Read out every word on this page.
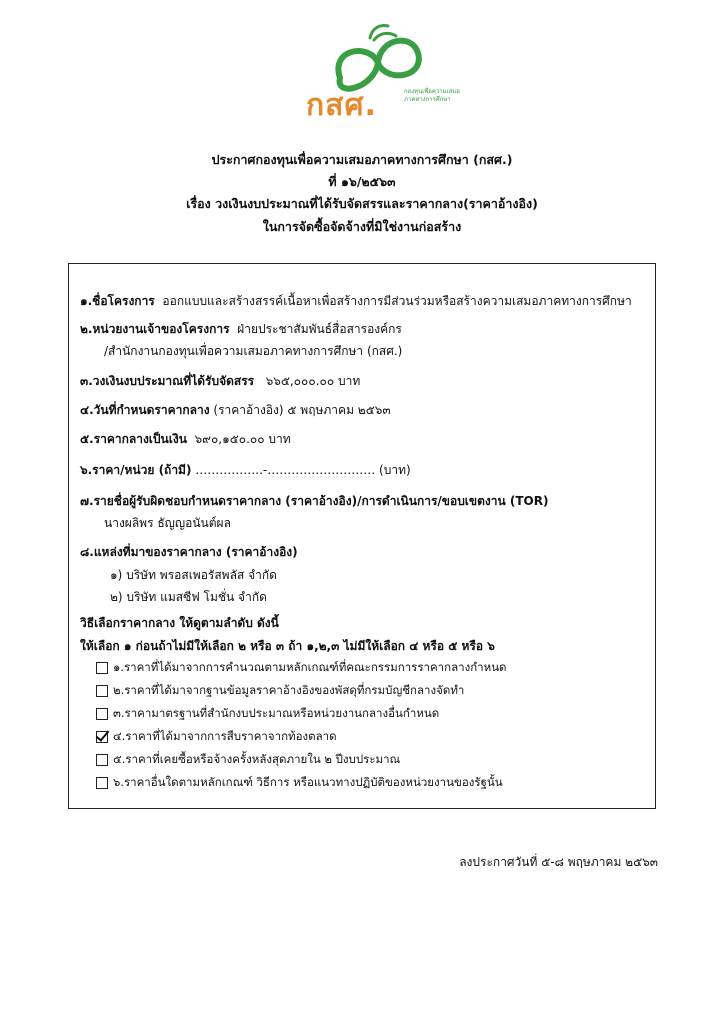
กสศ.	กองทุนเพื่อความเสมอภาคทางการศึกษา
ประกาศกองทุนเพื่อความเสมอภาคทางการศึกษา (กสศ.)
ที่ ๑๖/๒๕๖๓
เรื่อง วงเงินงบประมาณที่ได้รับจัดสรรและราคากลาง(ราคาอ้างอิง)
ในการจัดซื้อจัดจ้างที่มิใช่งานก่อสร้าง
๑.ชื่อโครงการ ออกแบบและสร้างสรรค์เนื้อหาเพื่อสร้างการมีส่วนร่วมหรือสร้างความเสมอภาคทางการศึกษา
๒.หน่วยงานเจ้าของโครงการ ฝ่ายประชาสัมพันธ์สื่อสารองค์กร
/สำนักงานกองทุนเพื่อความเสมอภาคทางการศึกษา (กสศ.)
๓.วงเงินงบประมาณที่ได้รับจัดสรร ๖๖๕,๐๐๐.๐๐ บาท
๔.วันที่กำหนดราคากลาง (ราคาอ้างอิง) ๕ พฤษภาคม ๒๕๖๓
๕.ราคากลางเป็นเงิน ๖๙๐,๑๕๐.๐๐ บาท
๖.ราคา/หน่วย (ถ้ามี) ……………..-……………………… (บาท)
๗.รายชื่อผู้รับผิดชอบกำหนดราคากลาง (ราคาอ้างอิง)/การดำเนินการ/ขอบเขตงาน (TOR)
นางผลิพร ธัญญอนันต์ผล
๘.แหล่งที่มาของราคากลาง (ราคาอ้างอิง)
๑) บริษัท พรอสเพอรัสพลัส จำกัด
๒) บริษัท แมสซีฟ โมชั่น จำกัด
วิธีเลือกราคากลาง ให้ดูตามลำดับ ดังนี้
ให้เลือก ๑ ก่อนถ้าไม่มีให้เลือก ๒ หรือ ๓ ถ้า ๑,๒,๓ ไม่มีให้เลือก ๔ หรือ ๕ หรือ ๖
๑.ราคาที่ได้มาจากการคำนวณตามหลักเกณฑ์ที่คณะกรรมการราคากลางกำหนด
๒.ราคาที่ได้มาจากฐานข้อมูลราคาอ้างอิงของพัสดุที่กรมบัญชีกลางจัดทำ
๓.ราคามาตรฐานที่สำนักงบประมาณหรือหน่วยงานกลางอื่นกำหนด
๔.ราคาที่ได้มาจากการสืบราคาจากท้องตลาด
๕.ราคาที่เคยซื้อหรือจ้างครั้งหลังสุดภายใน ๒ ปีงบประมาณ
๖.ราคาอื่นใดตามหลักเกณฑ์ วิธีการ หรือแนวทางปฏิบัติของหน่วยงานของรัฐนั้น
ลงประกาศวันที่ ๕-๘ พฤษภาคม ๒๕๖๓
